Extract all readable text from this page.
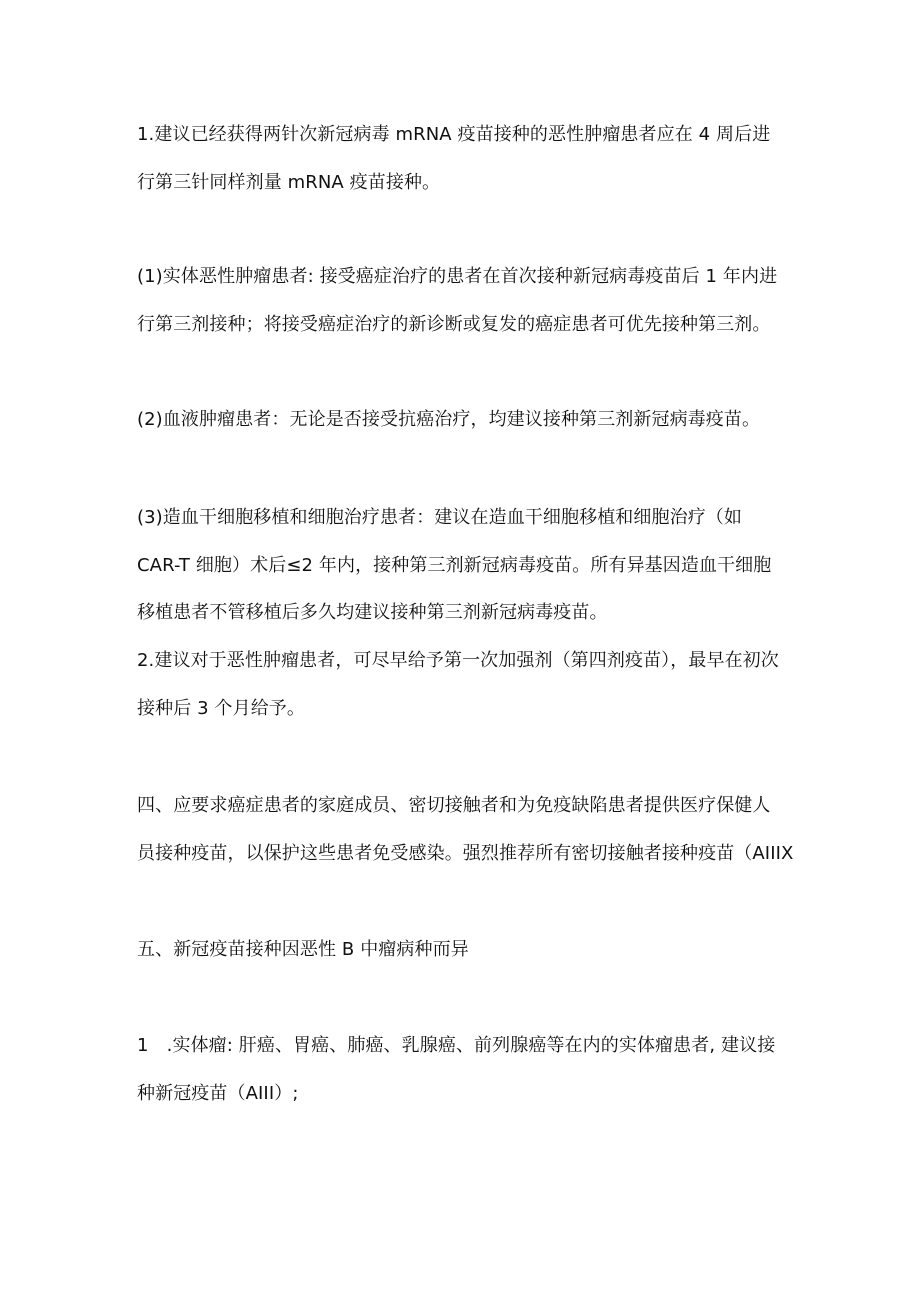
1.建议已经获得两针次新冠病毒 mRNA 疫苗接种的恶性肿瘤患者应在 4 周后进
行第三针同样剂量 mRNA 疫苗接种。
(1)实体恶性肿瘤患者: 接受癌症治疗的患者在首次接种新冠病毒疫苗后 1 年内进
行第三剂接种；将接受癌症治疗的新诊断或复发的癌症患者可优先接种第三剂。
(2)血液肿瘤患者：无论是否接受抗癌治疗，均建议接种第三剂新冠病毒疫苗。
(3)造血干细胞移植和细胞治疗患者：建议在造血干细胞移植和细胞治疗（如
CAR-T 细胞）术后≤2 年内，接种第三剂新冠病毒疫苗。所有异基因造血干细胞
移植患者不管移植后多久均建议接种第三剂新冠病毒疫苗。
2.建议对于恶性肿瘤患者，可尽早给予第一次加强剂（第四剂疫苗），最早在初次
接种后 3 个月给予。
四、应要求癌症患者的家庭成员、密切接触者和为免疫缺陷患者提供医疗保健人
员接种疫苗，以保护这些患者免受感染。强烈推荐所有密切接触者接种疫苗（AIIIX
五、新冠疫苗接种因恶性 B 中瘤病种而异
1　.实体瘤: 肝癌、胃癌、肺癌、乳腺癌、前列腺癌等在内的实体瘤患者, 建议接
种新冠疫苗（AIII）;
